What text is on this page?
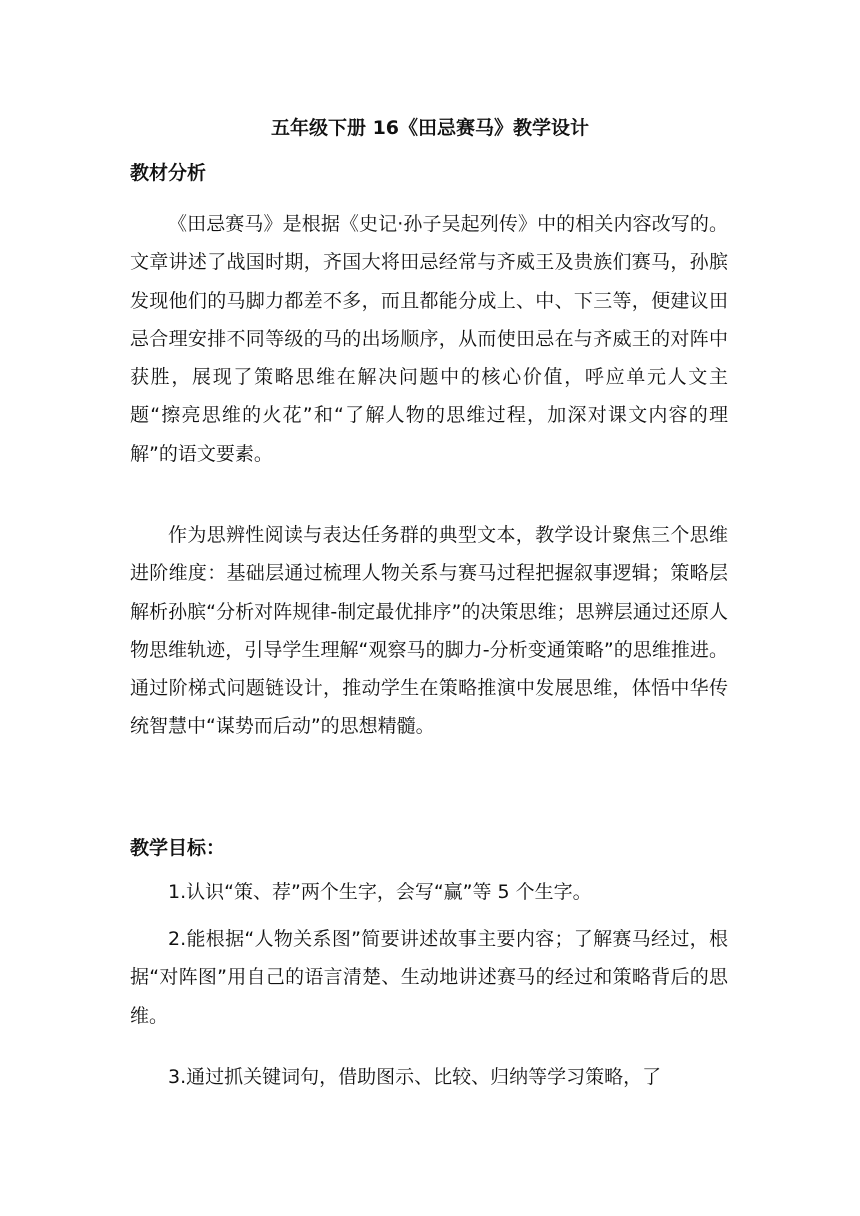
五年级下册 16《田忌赛马》教学设计
教材分析

《田忌赛马》是根据《史记·孙子吴起列传》中的相关内容改写的。文章讲述了战国时期，齐国大将田忌经常与齐威王及贵族们赛马，孙膑发现他们的马脚力都差不多，而且都能分成上、中、下三等，便建议田忌合理安排不同等级的马的出场顺序，从而使田忌在与齐威王的对阵中获胜，展现了策略思维在解决问题中的核心价值，呼应单元人文主题“擦亮思维的火花”和“了解人物的思维过程，加深对课文内容的理解”的语文要素。

作为思辨性阅读与表达任务群的典型文本，教学设计聚焦三个思维进阶维度：基础层通过梳理人物关系与赛马过程把握叙事逻辑；策略层解析孙膑“分析对阵规律-制定最优排序”的决策思维；思辨层通过还原人物思维轨迹，引导学生理解“观察马的脚力-分析变通策略”的思维推进。通过阶梯式问题链设计，推动学生在策略推演中发展思维，体悟中华传统智慧中“谋势而后动”的思想精髓。

教学目标：

1.认识“策、荐”两个生字，会写“赢”等 5 个生字。

2.能根据“人物关系图”简要讲述故事主要内容；了解赛马经过，根据“对阵图”用自己的语言清楚、生动地讲述赛马的经过和策略背后的思维。

3.通过抓关键词句，借助图示、比较、归纳等学习策略，了
